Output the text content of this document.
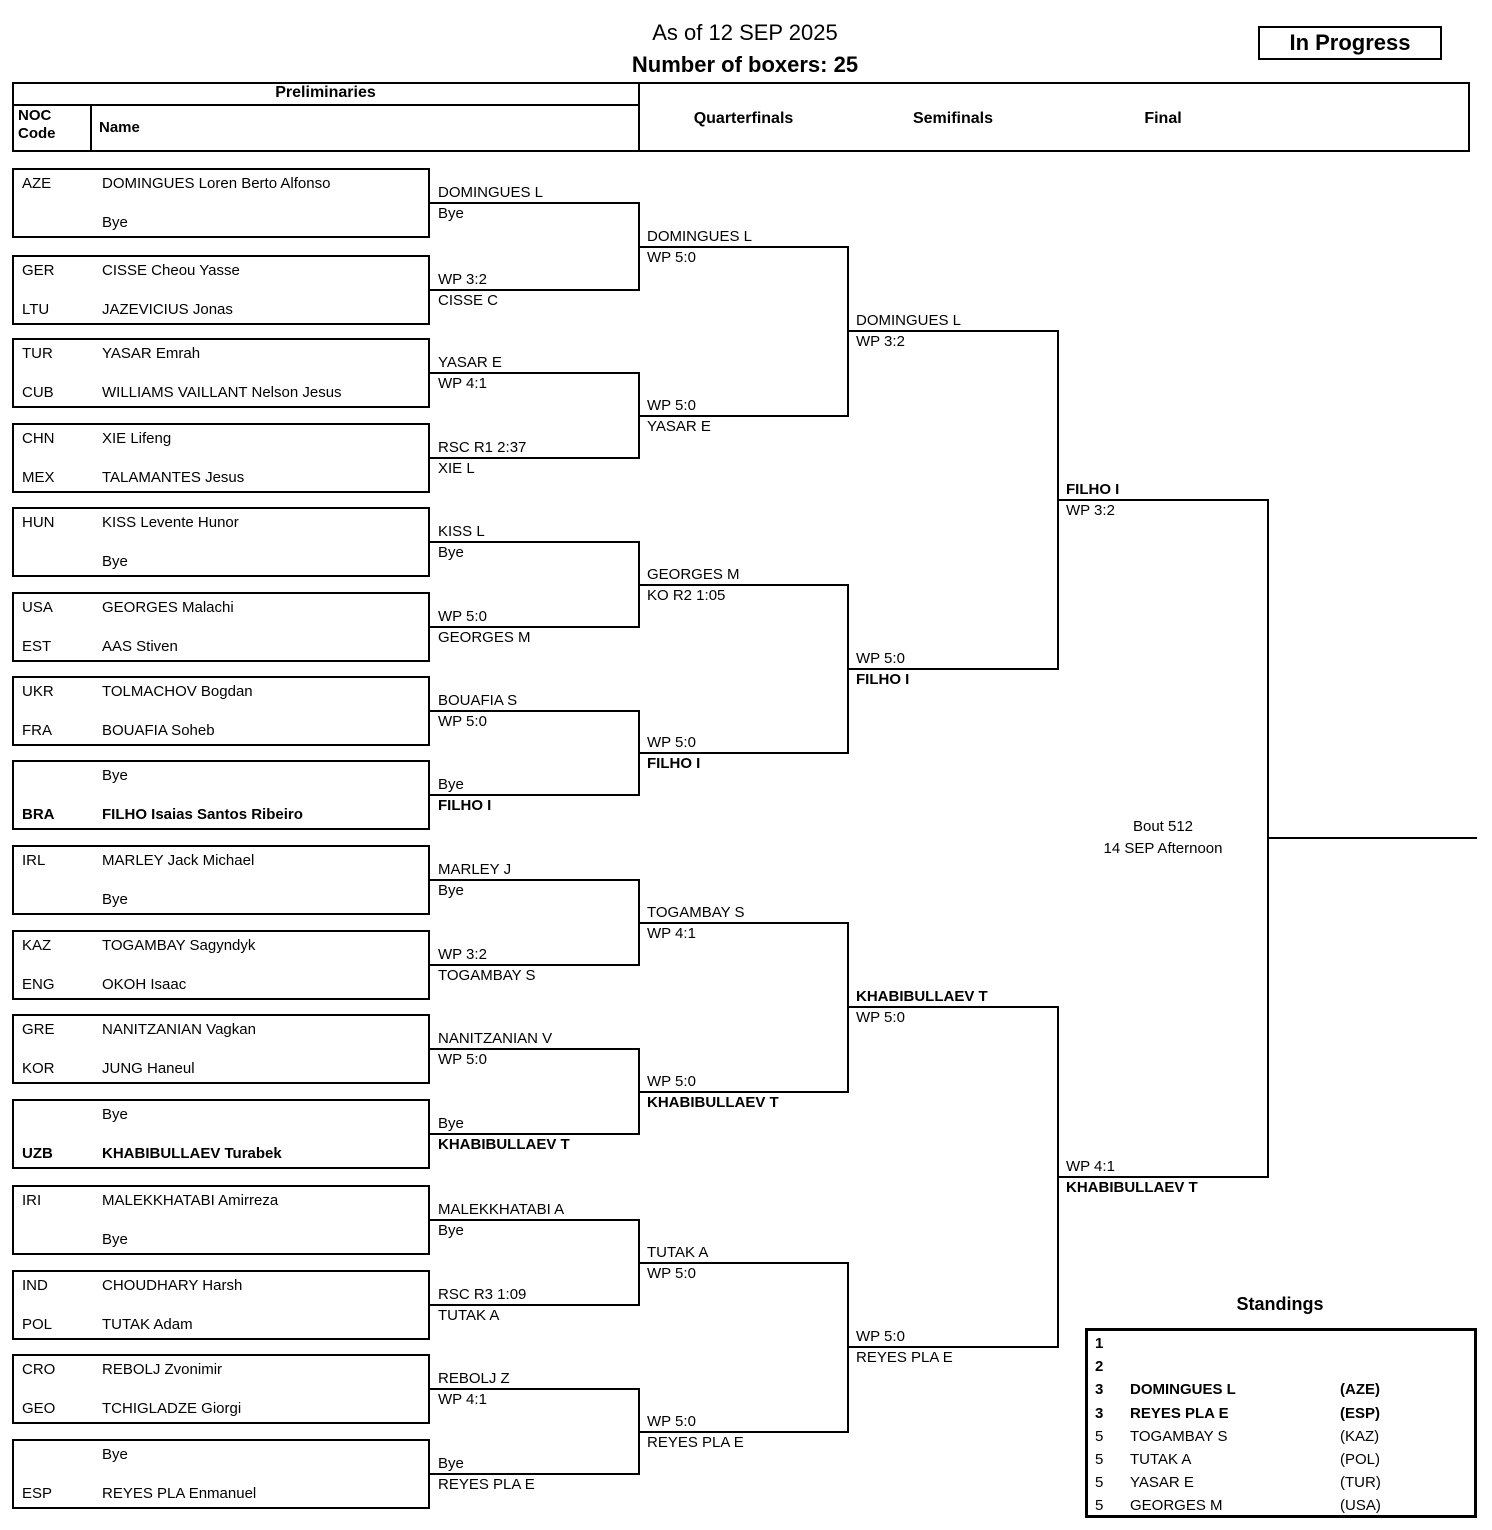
As of 12 SEP 2025
Number of boxers: 25
In Progress
Preliminaries
NOC Code	Name
Quarterfinals	Semifinals	Final
Bout 512
14 SEP Afternoon
Standings
1
2
3 DOMINGUES L	(AZE)
3 REYES PLA E	(ESP)
5 TOGAMBAY S	(KAZ)
5 TUTAK A	(POL)
5 YASAR E	(TUR)
5 GEORGES M	(USA)
AZE	DOMINGUES Loren Berto Alfonso
Bye
GER	CISSE Cheou Yasse
LTU	JAZEVICIUS Jonas
TUR	YASAR Emrah
CUB	WILLIAMS VAILLANT Nelson Jesus
CHN	XIE Lifeng
MEX	TALAMANTES Jesus
HUN	KISS Levente Hunor
Bye
USA	GEORGES Malachi
EST	AAS Stiven
UKR	TOLMACHOV Bogdan
FRA	BOUAFIA Soheb
Bye
BRA	FILHO Isaias Santos Ribeiro
IRL	MARLEY Jack Michael
Bye
KAZ	TOGAMBAY Sagyndyk
ENG	OKOH Isaac
GRE	NANITZANIAN Vagkan
KOR	JUNG Haneul
Bye
UZB	KHABIBULLAEV Turabek
IRI	MALEKKHATABI Amirreza
Bye
IND	CHOUDHARY Harsh
POL	TUTAK Adam
CRO	REBOLJ Zvonimir
GEO	TCHIGLADZE Giorgi
Bye
ESP	REYES PLA Enmanuel
DOMINGUES L
Bye
WP 3:2
CISSE C
YASAR E
WP 4:1
RSC R1 2:37
XIE L
KISS L
Bye
WP 5:0
GEORGES M
BOUAFIA S
WP 5:0
Bye
FILHO I
MARLEY J
Bye
WP 3:2
TOGAMBAY S
NANITZANIAN V
WP 5:0
Bye
KHABIBULLAEV T
MALEKKHATABI A
Bye
RSC R3 1:09
TUTAK A
REBOLJ Z
WP 4:1
Bye
REYES PLA E
DOMINGUES L
WP 5:0
WP 5:0
YASAR E
GEORGES M
KO R2 1:05
WP 5:0
FILHO I
TOGAMBAY S
WP 4:1
WP 5:0
KHABIBULLAEV T
TUTAK A
WP 5:0
WP 5:0
REYES PLA E
DOMINGUES L
WP 3:2
WP 5:0
FILHO I
KHABIBULLAEV T
WP 5:0
WP 5:0
REYES PLA E
FILHO I
WP 3:2
WP 4:1
KHABIBULLAEV T
